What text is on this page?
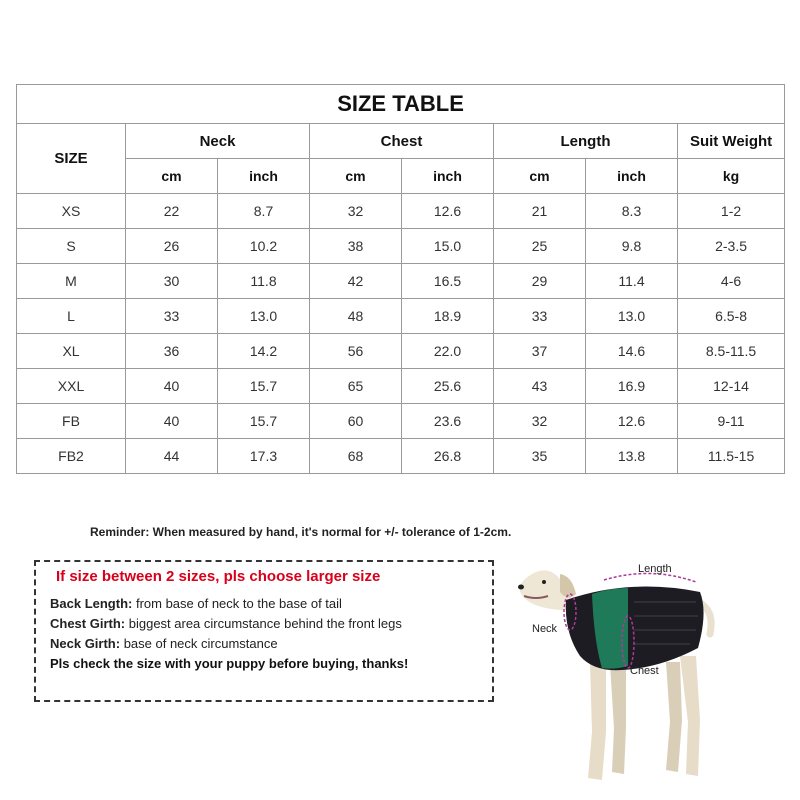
SIZE TABLE							
SIZE	Neck		Chest		Length		Suit Weight
	cm	inch	cm	inch	cm	inch	kg
XS	22	8.7	32	12.6	21	8.3	1-2
S	26	10.2	38	15.0	25	9.8	2-3.5
M	30	11.8	42	16.5	29	11.4	4-6
L	33	13.0	48	18.9	33	13.0	6.5-8
XL	36	14.2	56	22.0	37	14.6	8.5-11.5
XXL	40	15.7	65	25.6	43	16.9	12-14
FB	40	15.7	60	23.6	32	12.6	9-11
FB2	44	17.3	68	26.8	35	13.8	11.5-15

Reminder: When measured by hand, it's normal for +/- tolerance of 1-2cm.

If size between 2 sizes, pls choose larger size

Back Length: from base of neck to the base of tail

Chest Girth: biggest area circumstance behind the front legs

Neck Girth: base of neck circumstance

Pls check the size with your puppy before buying, thanks!

Length
Neck
Chest
